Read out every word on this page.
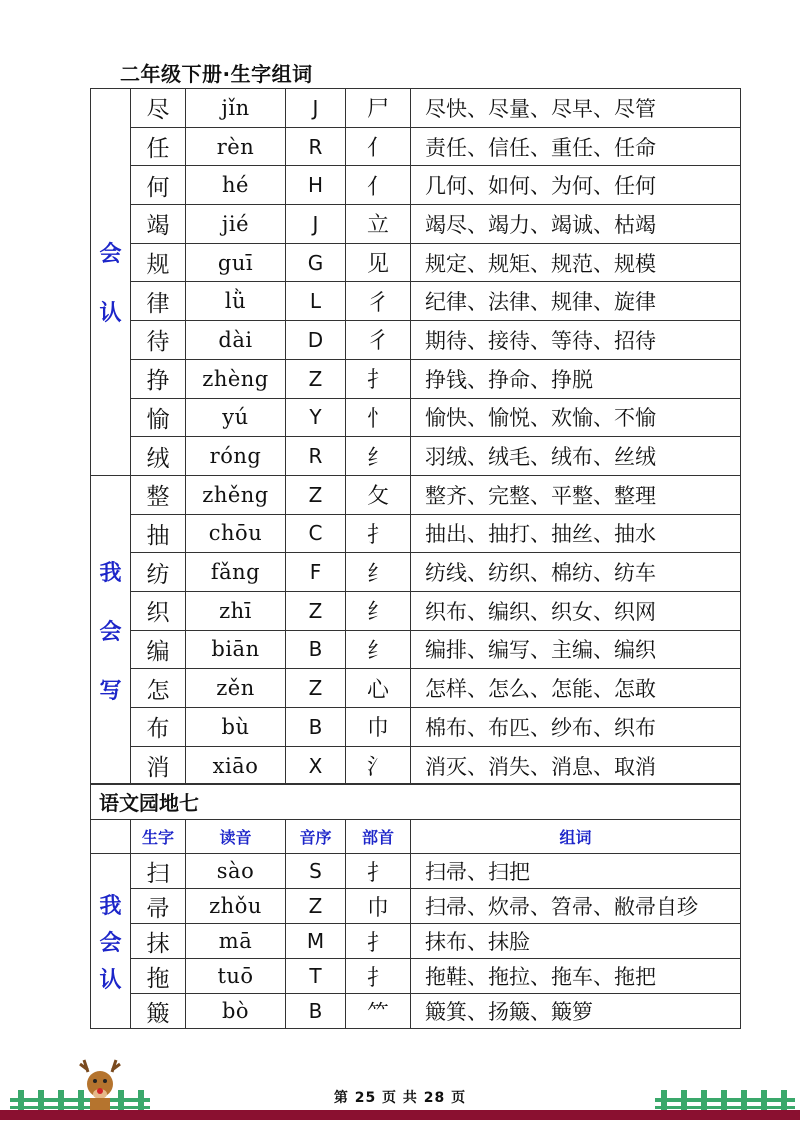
二年级下册·生字组词
会
认	尽	jǐn	J	尸	尽快、尽量、尽早、尽管
	任	rèn	R	亻	责任、信任、重任、任命
	何	hé	H	亻	几何、如何、为何、任何
	竭	jié	J	立	竭尽、竭力、竭诚、枯竭
	规	guī	G	见	规定、规矩、规范、规模
	律	lǜ	L	彳	纪律、法律、规律、旋律
	待	dài	D	彳	期待、接待、等待、招待
	挣	zhèng	Z	扌	挣钱、挣命、挣脱
	愉	yú	Y	忄	愉快、愉悦、欢愉、不愉
	绒	róng	R	纟	羽绒、绒毛、绒布、丝绒

我
会
写	整	zhěng	Z	攵	整齐、完整、平整、整理
	抽	chōu	C	扌	抽出、抽打、抽丝、抽水
	纺	fǎng	F	纟	纺线、纺织、棉纺、纺车
	织	zhī	Z	纟	织布、编织、织女、织网
	编	biān	B	纟	编排、编写、主编、编织
	怎	zěn	Z	心	怎样、怎么、怎能、怎敢
	布	bù	B	巾	棉布、布匹、纱布、织布
	消	xiāo	X	氵	消灭、消失、消息、取消
语文园地七					
	生字	读音	音序	部首	组词

我
会
认	扫	sào	S	扌	扫帚、扫把
	帚	zhǒu	Z	巾	扫帚、炊帚、笤帚、敝帚自珍
	抹	mā	M	扌	抹布、抹脸
	拖	tuō	T	扌	拖鞋、拖拉、拖车、拖把
	簸	bò	B	⺮	簸箕、扬簸、簸箩
第 25 页 共 28 页
